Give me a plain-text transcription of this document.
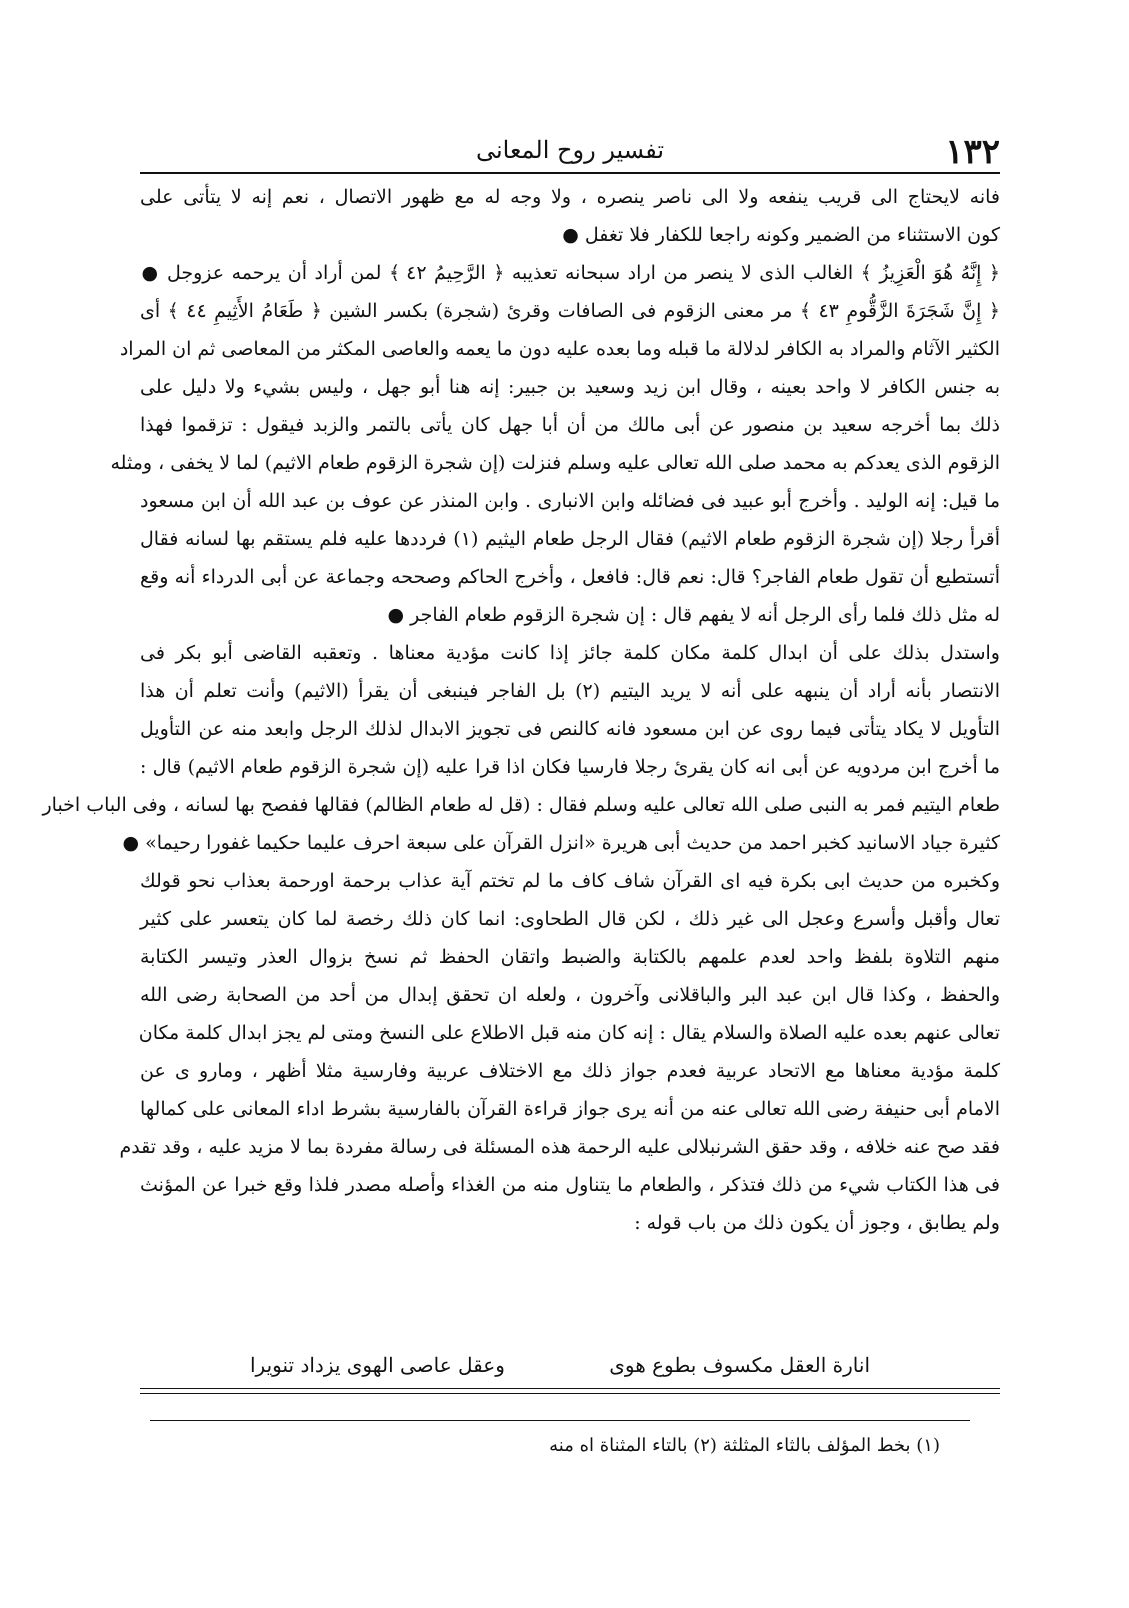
١٣٢
تفسير روح المعانى
فانه لايحتاج الى قريب ينفعه ولا الى ناصر ينصره ، ولا وجه له مع ظهور الاتصال ، نعم إنه لا يتأتى على
كون الاستثناء من الضمير وكونه راجعا للكفار فلا تغفل ●
﴿ إِنَّهُ هُوَ الْعَزِيزُ ﴾ الغالب الذى لا ينصر من اراد سبحانه تعذيبه ﴿ الرَّحِيمُ ٤٢ ﴾ لمن أراد أن يرحمه عزوجل ●
﴿ إِنَّ شَجَرَةَ الزَّقُّومِ ٤٣ ﴾ مر معنى الزقوم فى الصافات وقرئ (شجرة) بكسر الشين ﴿ طَعَامُ الأَثِيمِ ٤٤ ﴾ أى
الكثير الآثام والمراد به الكافر لدلالة ما قبله وما بعده عليه دون ما يعمه والعاصى المكثر من المعاصى ثم ان المراد
به جنس الكافر لا واحد بعينه ، وقال ابن زيد وسعيد بن جبير: إنه هنا أبو جهل ، وليس بشيء ولا دليل على
ذلك بما أخرجه سعيد بن منصور عن أبى مالك من أن أبا جهل كان يأتى بالتمر والزبد فيقول : تزقموا فهذا
الزقوم الذى يعدكم به محمد صلى الله تعالى عليه وسلم فنزلت (إن شجرة الزقوم طعام الاثيم) لما لا يخفى ، ومثله
ما قيل: إنه الوليد . وأخرج أبو عبيد فى فضائله وابن الانبارى . وابن المنذر عن عوف بن عبد الله أن ابن مسعود
أقرأ رجلا (إن شجرة الزقوم طعام الاثيم) فقال الرجل طعام اليثيم (١) فرددها عليه فلم يستقم بها لسانه فقال
أتستطيع أن تقول طعام الفاجر؟ قال: نعم قال: فافعل ، وأخرج الحاكم وصححه وجماعة عن أبى الدرداء أنه وقع
له مثل ذلك فلما رأى الرجل أنه لا يفهم قال : إن شجرة الزقوم طعام الفاجر ●
واستدل بذلك على أن ابدال كلمة مكان كلمة جائز إذا كانت مؤدية معناها . وتعقبه القاضى أبو بكر فى
الانتصار بأنه أراد أن ينبهه على أنه لا يريد اليتيم (٢) بل الفاجر فينبغى أن يقرأ (الاثيم) وأنت تعلم أن هذا
التأويل لا يكاد يتأتى فيما روى عن ابن مسعود فانه كالنص فى تجويز الابدال لذلك الرجل وابعد منه عن التأويل
ما أخرج ابن مردويه عن أبى انه كان يقرئ رجلا فارسيا فكان اذا قرا عليه (إن شجرة الزقوم طعام الاثيم) قال :
طعام اليتيم فمر به النبى صلى الله تعالى عليه وسلم فقال : (قل له طعام الظالم) فقالها ففصح بها لسانه ، وفى الباب اخبار
كثيرة جياد الاسانيد كخبر احمد من حديث أبى هريرة «انزل القرآن على سبعة احرف عليما حكيما غفورا رحيما» ●
وكخبره من حديث ابى بكرة فيه اى القرآن شاف كاف ما لم تختم آية عذاب برحمة اورحمة بعذاب نحو قولك
تعال وأقبل وأسرع وعجل الى غير ذلك ، لكن قال الطحاوى: انما كان ذلك رخصة لما كان يتعسر على كثير
منهم التلاوة بلفظ واحد لعدم علمهم بالكتابة والضبط واتقان الحفظ ثم نسخ بزوال العذر وتيسر الكتابة
والحفظ ، وكذا قال ابن عبد البر والباقلانى وآخرون ، ولعله ان تحقق إبدال من أحد من الصحابة رضى الله
تعالى عنهم بعده عليه الصلاة والسلام يقال : إنه كان منه قبل الاطلاع على النسخ ومتى لم يجز ابدال كلمة مكان
كلمة مؤدية معناها مع الاتحاد عربية فعدم جواز ذلك مع الاختلاف عربية وفارسية مثلا أظهر ، ومارو ى عن
الامام أبى حنيفة رضى الله تعالى عنه من أنه يرى جواز قراءة القرآن بالفارسية بشرط اداء المعانى على كمالها
فقد صح عنه خلافه ، وقد حقق الشرنبلالى عليه الرحمة هذه المسئلة فى رسالة مفردة بما لا مزيد عليه ، وقد تقدم
فى هذا الكتاب شيء من ذلك فتذكر ، والطعام ما يتناول منه من الغذاء وأصله مصدر فلذا وقع خبرا عن المؤنث
ولم يطابق ، وجوز أن يكون ذلك من باب قوله :
انارة العقل مكسوف بطوع هوى
وعقل عاصى الهوى يزداد تنويرا
(١) بخط المؤلف بالثاء المثلثة (٢) بالتاء المثناة اه منه
